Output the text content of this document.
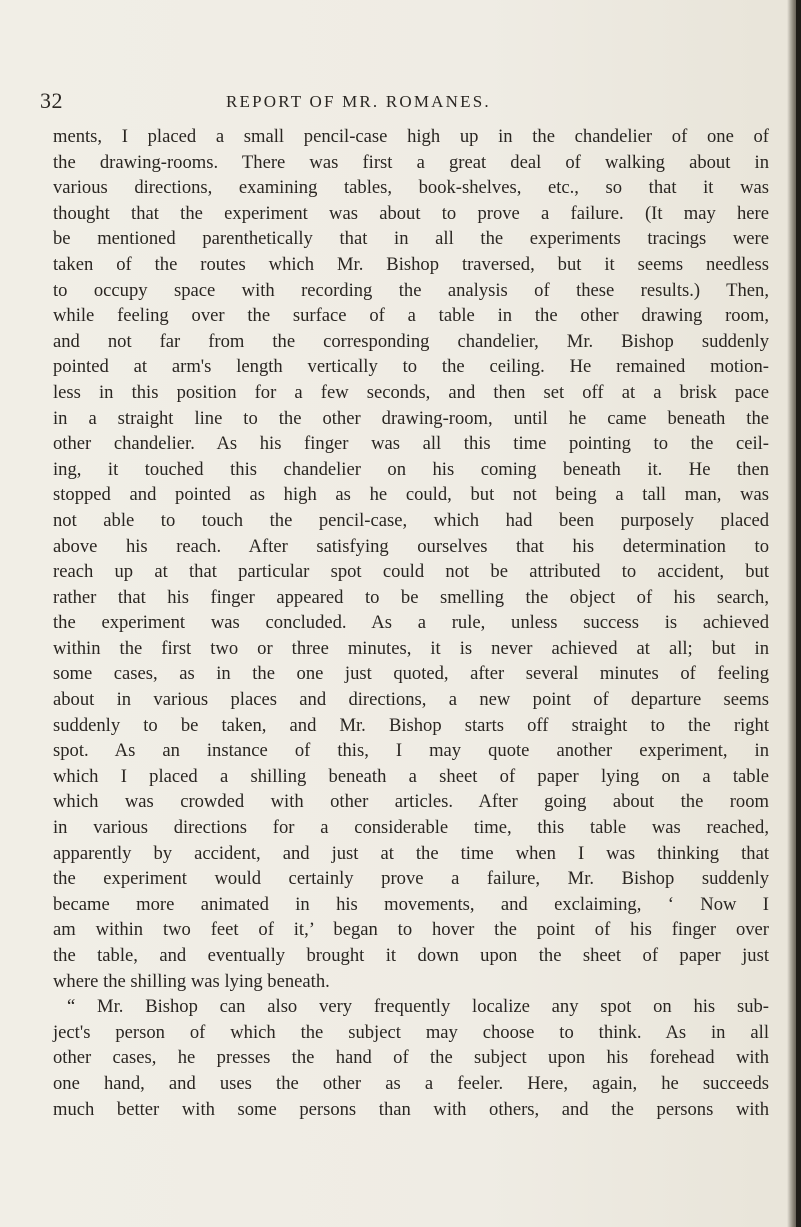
32	REPORT OF MR. ROMANES.
ments, I placed a small pencil-case high up in the chandelier of one of
the drawing-rooms. There was first a great deal of walking about in
various directions, examining tables, book-shelves, etc., so that it was
thought that the experiment was about to prove a failure. (It may here
be mentioned parenthetically that in all the experiments tracings were
taken of the routes which Mr. Bishop traversed, but it seems needless
to occupy space with recording the analysis of these results.) Then,
while feeling over the surface of a table in the other drawing room,
and not far from the corresponding chandelier, Mr. Bishop suddenly
pointed at arm's length vertically to the ceiling. He remained motion-
less in this position for a few seconds, and then set off at a brisk pace
in a straight line to the other drawing-room, until he came beneath the
other chandelier. As his finger was all this time pointing to the ceil-
ing, it touched this chandelier on his coming beneath it. He then
stopped and pointed as high as he could, but not being a tall man, was
not able to touch the pencil-case, which had been purposely placed
above his reach. After satisfying ourselves that his determination to
reach up at that particular spot could not be attributed to accident, but
rather that his finger appeared to be smelling the object of his search,
the experiment was concluded. As a rule, unless success is achieved
within the first two or three minutes, it is never achieved at all; but in
some cases, as in the one just quoted, after several minutes of feeling
about in various places and directions, a new point of departure seems
suddenly to be taken, and Mr. Bishop starts off straight to the right
spot. As an instance of this, I may quote another experiment, in
which I placed a shilling beneath a sheet of paper lying on a table
which was crowded with other articles. After going about the room
in various directions for a considerable time, this table was reached,
apparently by accident, and just at the time when I was thinking that
the experiment would certainly prove a failure, Mr. Bishop suddenly
became more animated in his movements, and exclaiming, ‘ Now I
am within two feet of it,’ began to hover the point of his finger over
the table, and eventually brought it down upon the sheet of paper just
where the shilling was lying beneath.
“ Mr. Bishop can also very frequently localize any spot on his sub-
ject's person of which the subject may choose to think. As in all
other cases, he presses the hand of the subject upon his forehead with
one hand, and uses the other as a feeler. Here, again, he succeeds
much better with some persons than with others, and the persons with
